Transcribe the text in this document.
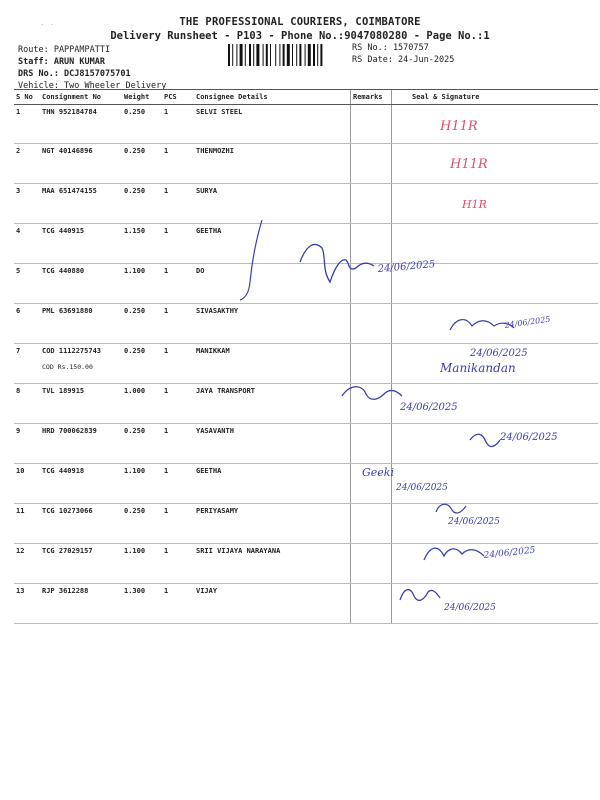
· ·	THE PROFESSIONAL COURIERS, COIMBATORE
Delivery Runsheet - P103 - Phone No.:9047080280 - Page No.:1
Route: PAPPAMPATTI
Staff: ARUN KUMAR
DRS No.: DCJ8157075701
Vehicle: Two Wheeler Delivery
RS No.: 1570757
RS Date: 24-Jun-2025
S No	Consignment No	Weight	PCS	Consignee Details	Remarks	Seal & Signature
1	THN 952184784	0.250	1	SELVI STEEL		
2	NGT 40146896	0.250	1	THENMOZHI		
3	MAA 651474155	0.250	1	SURYA		
4	TCG 440915	1.150	1	GEETHA		
5	TCG 440880	1.100	1	DO		
6	PML 63691880	0.250	1	SIVASAKTHY		
7	COD 1112275743
COD Rs.150.00	0.250	1	MANIKKAM		
8	TVL 189915	1.000	1	JAYA TRANSPORT		
9	HRD 700062839	0.250	1	YASAVANTH		
10	TCG 440918	1.100	1	GEETHA		
11	TCG 10273066	0.250	1	PERIYASAMY		
12	TCG 27029157	1.100	1	SRII VIJAYA NARAYANA		
13	RJP 3612288	1.300	1	VIJAY		
H11R
H11R
H1R
24/06/2025
24/06/2025
24/06/2025
Manikandan
24/06/2025
24/06/2025
Geeki
24/06/2025
24/06/2025
24/06/2025
24/06/2025
